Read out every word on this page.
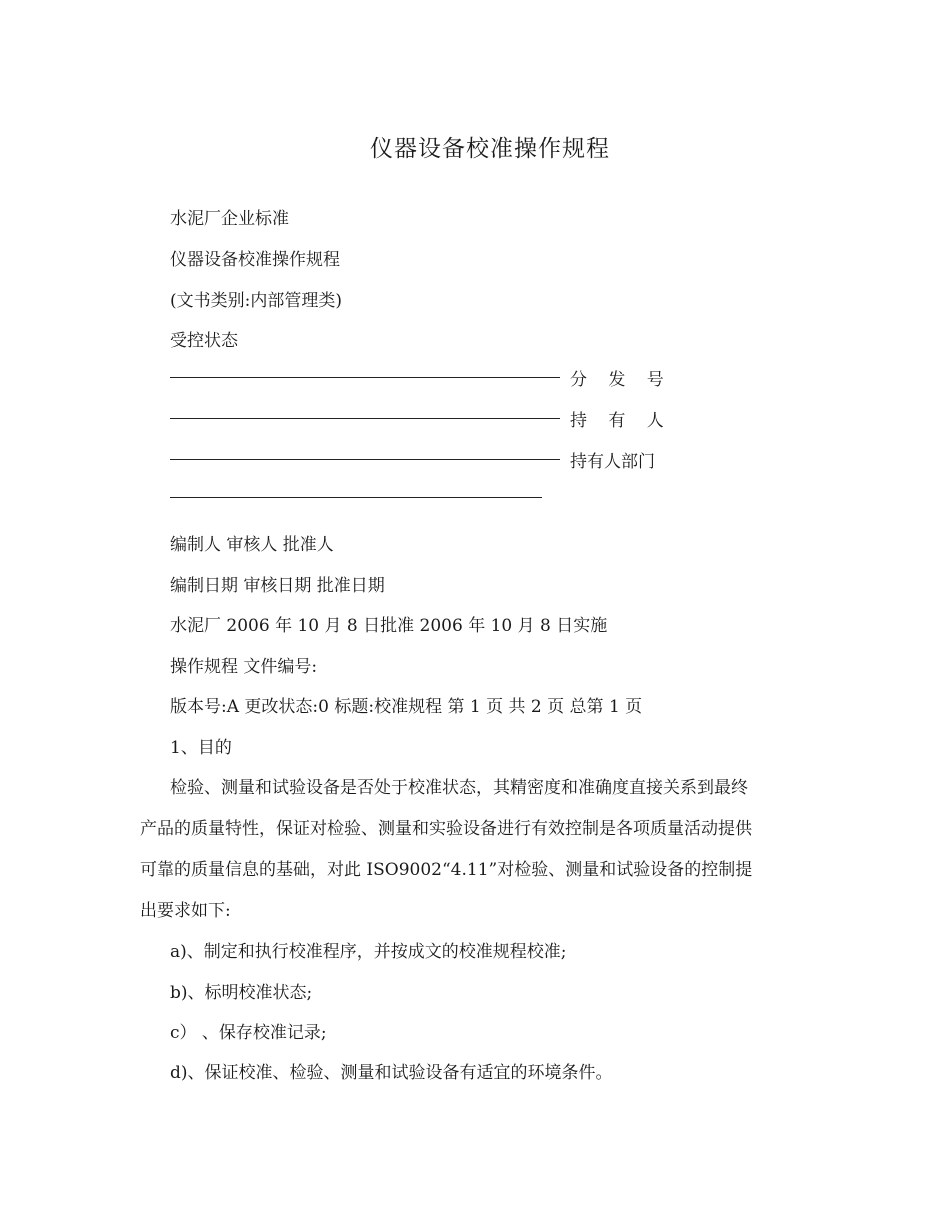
仪器设备校准操作规程
水泥厂企业标准
仪器设备校准操作规程
(文书类别:内部管理类)
受控状态
分 发 号
持 有 人
持有人部门
编制人 审核人 批准人
编制日期 审核日期 批准日期
水泥厂 2006 年 10 月 8 日批准 2006 年 10 月 8 日实施
操作规程 文件编号:
版本号:A 更改状态:0 标题:校准规程 第 1 页 共 2 页 总第 1 页
1、目的
检验、测量和试验设备是否处于校准状态，其精密度和准确度直接关系到最终
产品的质量特性，保证对检验、测量和实验设备进行有效控制是各项质量活动提供
可靠的质量信息的基础，对此 ISO9002“4.11”对检验、测量和试验设备的控制提
出要求如下:
a)、制定和执行校准程序，并按成文的校准规程校准;
b)、标明校准状态;
c） 、保存校准记录;
d)、保证校准、检验、测量和试验设备有适宜的环境条件。
